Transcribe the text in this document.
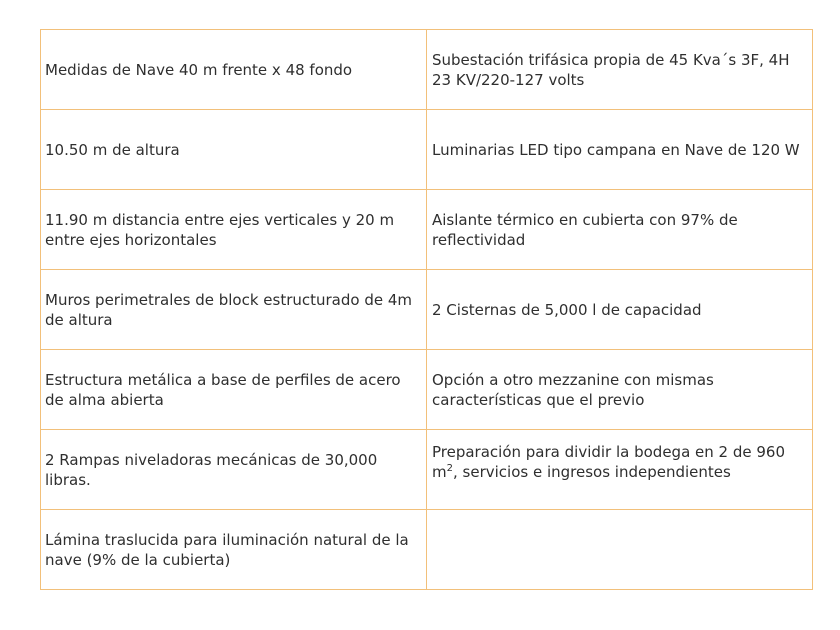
Medidas de Nave 40 m frente x 48 fondo	Subestación trifásica propia de 45 Kva´s 3F, 4H 23 KV/220-127 volts
10.50 m de altura	Luminarias LED tipo campana en Nave de 120 W
11.90 m distancia entre ejes verticales y 20 m entre ejes horizontales	Aislante térmico en cubierta con 97% de reflectividad
Muros perimetrales de block estructurado de 4m de altura	2 Cisternas de 5,000 l de capacidad
Estructura metálica a base de perfiles de acero de alma abierta	Opción a otro mezzanine con mismas características que el previo
2 Rampas niveladoras mecánicas de 30,000 libras.	Preparación para dividir la bodega en 2 de 960 $m^2$, servicios e ingresos independientes
Lámina traslucida para iluminación natural de la nave (9% de la cubierta)	
